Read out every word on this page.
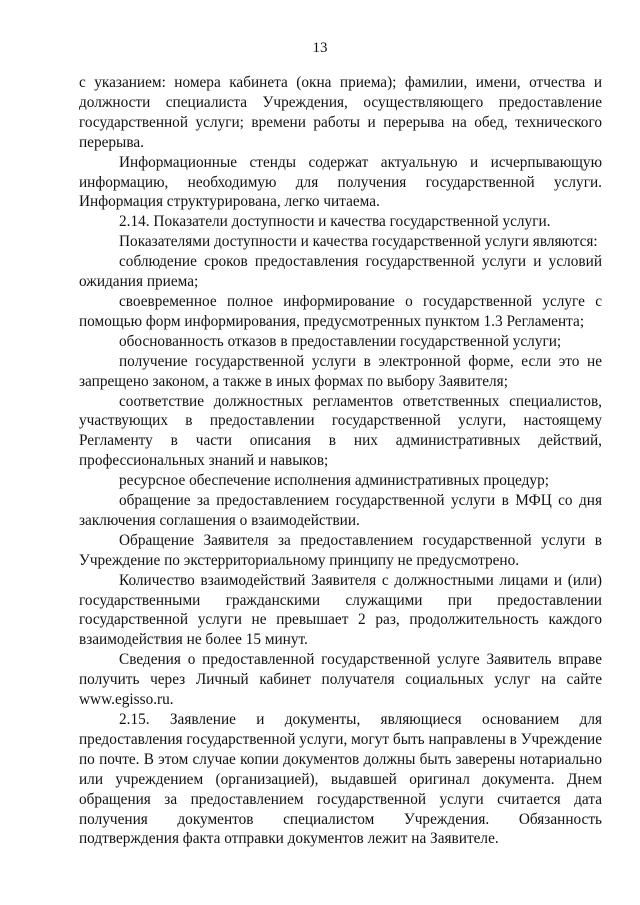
13

с указанием: номера кабинета (окна приема); фамилии, имени, отчества и должности специалиста Учреждения, осуществляющего предоставление государственной услуги; времени работы и перерыва на обед, технического перерыва.

Информационные стенды содержат актуальную и исчерпывающую информацию, необходимую для получения государственной услуги. Информация структурирована, легко читаема.

2.14. Показатели доступности и качества государственной услуги.

Показателями доступности и качества государственной услуги являются:

соблюдение сроков предоставления государственной услуги и условий ожидания приема;

своевременное полное информирование о государственной услуге с помощью форм информирования, предусмотренных пунктом 1.3 Регламента;

обоснованность отказов в предоставлении государственной услуги;

получение государственной услуги в электронной форме, если это не запрещено законом, а также в иных формах по выбору Заявителя;

соответствие должностных регламентов ответственных специалистов, участвующих в предоставлении государственной услуги, настоящему Регламенту в части описания в них административных действий, профессиональных знаний и навыков;

ресурсное обеспечение исполнения административных процедур;

обращение за предоставлением государственной услуги в МФЦ со дня заключения соглашения о взаимодействии.

Обращение Заявителя за предоставлением государственной услуги в Учреждение по экстерриториальному принципу не предусмотрено.

Количество взаимодействий Заявителя с должностными лицами и (или) государственными гражданскими служащими при предоставлении государственной услуги не превышает 2 раз, продолжительность каждого взаимодействия не более 15 минут.

Сведения о предоставленной государственной услуге Заявитель вправе получить через Личный кабинет получателя социальных услуг на сайте www.egisso.ru.

2.15. Заявление и документы, являющиеся основанием для предоставления государственной услуги, могут быть направлены в Учреждение по почте. В этом случае копии документов должны быть заверены нотариально или учреждением (организацией), выдавшей оригинал документа. Днем обращения за предоставлением государственной услуги считается дата получения документов специалистом Учреждения. Обязанность подтверждения факта отправки документов лежит на Заявителе.
